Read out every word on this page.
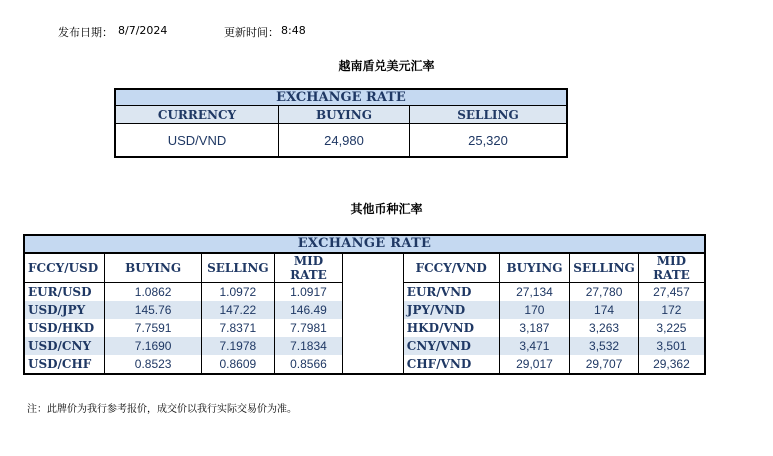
发布日期： 8/7/2024	更新时间： 8:48
越南盾兑美元汇率
EXCHANGE RATE		
CURRENCY	BUYING	SELLING
USD/VND	24,980	25,320
其他币种汇率
EXCHANGE RATE								
FCCY/USD	BUYING	SELLING	MID RATE		FCCY/VND	BUYING	SELLING	MID RATE
EUR/USD	1.0862	1.0972	1.0917		EUR/VND	27,134	27,780	27,457
USD/JPY	145.76	147.22	146.49		JPY/VND	170	174	172
USD/HKD	7.7591	7.8371	7.7981		HKD/VND	3,187	3,263	3,225
USD/CNY	7.1690	7.1978	7.1834		CNY/VND	3,471	3,532	3,501
USD/CHF	0.8523	0.8609	0.8566		CHF/VND	29,017	29,707	29,362
注：此牌价为我行参考报价，成交价以我行实际交易价为准。
